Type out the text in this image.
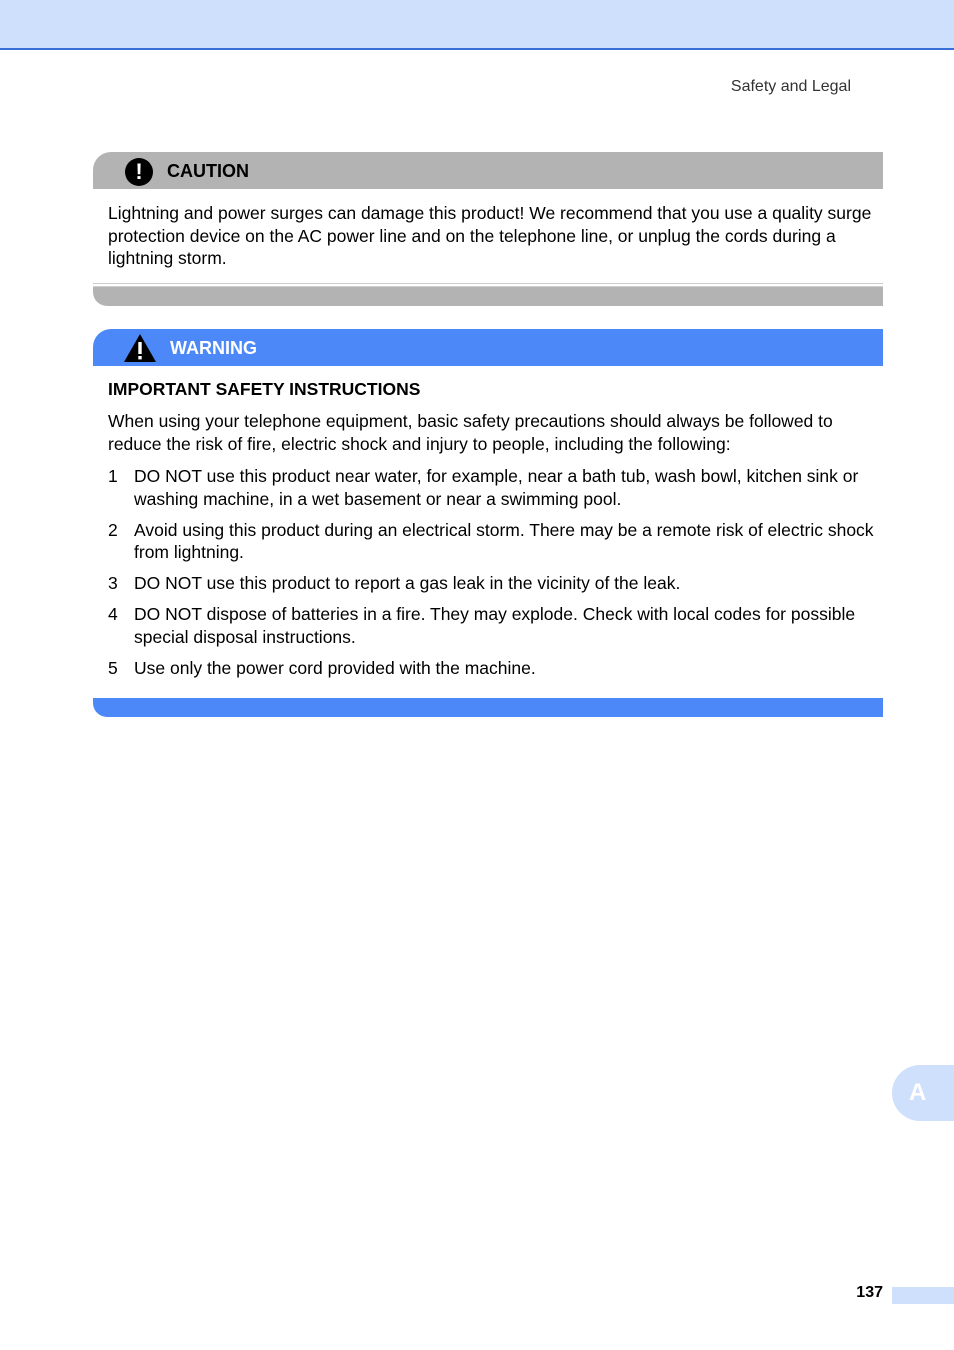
Safety and Legal
!	CAUTION

Lightning and power surges can damage this product! We recommend that you use a quality surge protection device on the AC power line and on the telephone line, or unplug the cords during a lightning storm.

WARNING
IMPORTANT SAFETY INSTRUCTIONS

When using your telephone equipment, basic safety precautions should always be followed to reduce the risk of fire, electric shock and injury to people, including the following:

1 DO NOT use this product near water, for example, near a bath tub, wash bowl, kitchen sink or washing machine, in a wet basement or near a swimming pool.
2 Avoid using this product during an electrical storm. There may be a remote risk of electric shock from lightning.
3 DO NOT use this product to report a gas leak in the vicinity of the leak.
4 DO NOT dispose of batteries in a fire. They may explode. Check with local codes for possible special disposal instructions.
5 Use only the power cord provided with the machine.
A
137
